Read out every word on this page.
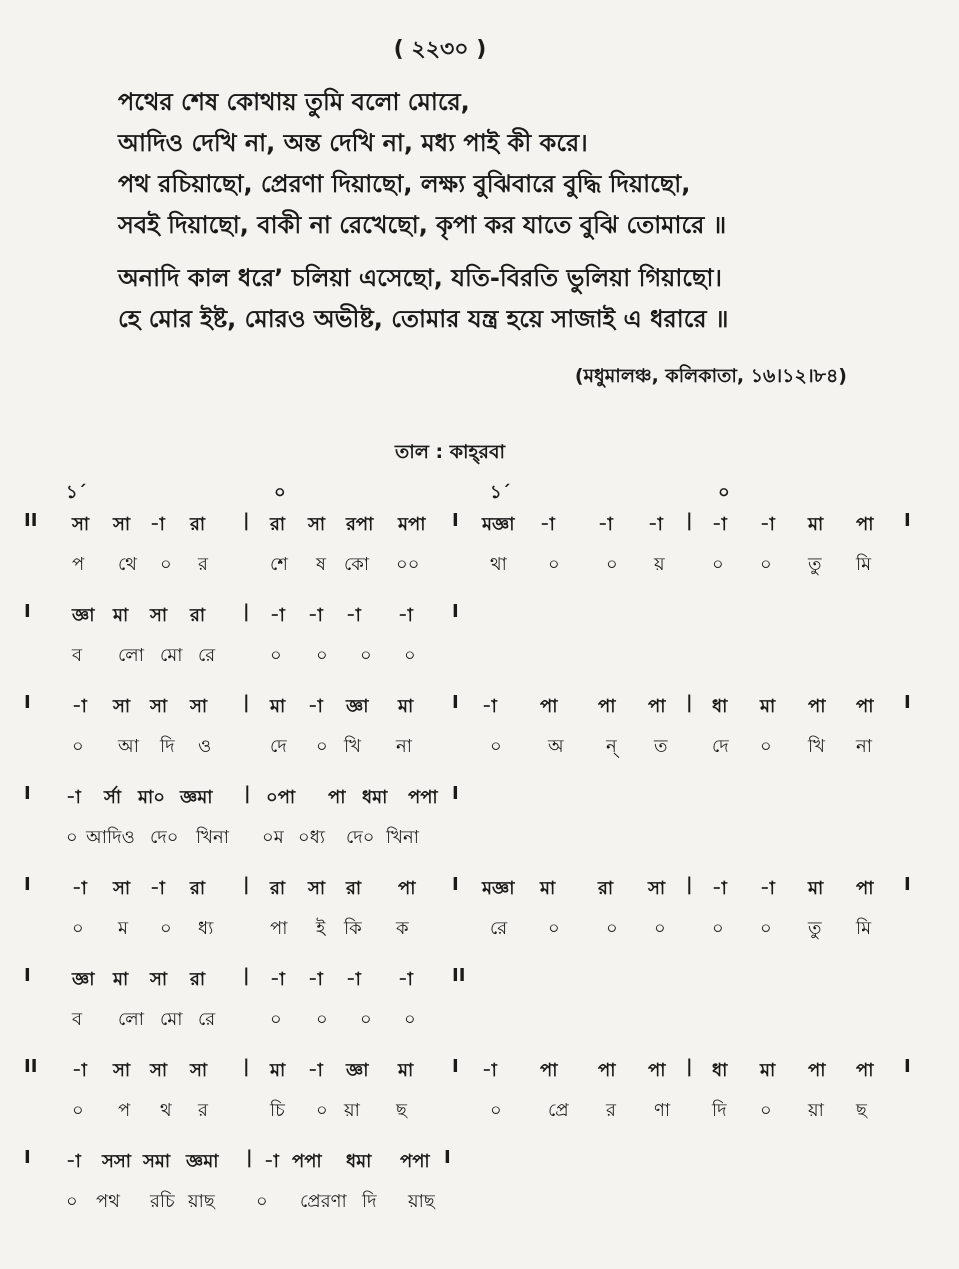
( ২২৩০ )
পথের শেষ কোথায় তুমি বলো মোরে,
আদিও দেখি না, অন্ত দেখি না, মধ্য পাই কী করে।
পথ রচিয়াছো, প্রেরণা দিয়াছো, লক্ষ্য বুঝিবারে বুদ্ধি দিয়াছো,
সবই দিয়াছো, বাকী না রেখেছো, কৃপা কর যাতে বুঝি তোমারে ॥
অনাদি কাল ধরে’ চলিয়া এসেছো, যতি-বিরতি ভুলিয়া গিয়াছো।
হে মোর ইষ্ট, মোরও অভীষ্ট, তোমার যন্ত্র হয়ে সাজাই এ ধরারে ॥
(মধুমালঞ্চ, কলিকাতা, ১৬।১২।৮৪)
তাল : কাহ্‌রবা
১´	০	১´	০
II সা সা -া রা | রা সা রপা মপা I মজ্ঞা -া -া -া | -া -া মা পা I
প থে ০ র	শে ষ কো ০০	থা ০	০ য়	০ ০ তু মি
I জ্ঞা মা সা রা | -া -া -া -া I
ব লো মো রে	০ ০ ০ ০
I -া সা সা সা | মা -া জ্ঞা মা I -া পা পা পা | ধা মা পা পা I
০ আ দি ও	দে ০ খি না	০	অ ন্ ত দে ০ খি না
I -া র্সা মা০ জ্ঞমা | ০পা পা ধমা পপা I
০ আদিও দে০ খিনা ০ম ০ধ্য দে০ খিনা
I -া সা -া রা | রা সা রা পা I মজ্ঞা মা রা সা | -া -া মা পা I
০ ম ০ ধ্য	পা ই কি ক	রে ০	০ ০	০ ০ তু মি
I জ্ঞা মা সা রা | -া -া -া -া II
ব লো মো রে	০ ০ ০ ০
II -া সা সা সা | মা -া জ্ঞা মা I -া পা পা পা | ধা মা পা পা I
০ প থ র	চি ০ য়া ছ	০	প্রে র ণা দি ০ য়া ছ
I -া সসা সমা জ্ঞমা | -া পপা ধমা পপা I
০ পথ রচি য়াছ ০ প্রেরণা দি য়াছ
